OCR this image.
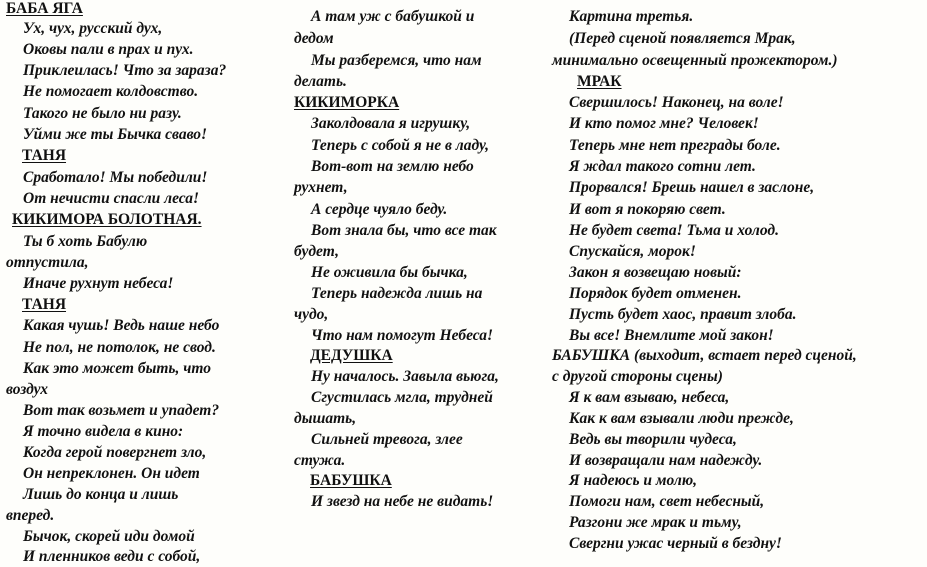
БАБА ЯГА
Ух, чух, русский дух,
Оковы пали в прах и пух.
Приклеилась! Что за зараза?
Не помогает колдовство.
Такого не было ни разу.
Уйми же ты Бычка сваво!
ТАНЯ
Сработало! Мы победили!
От нечисти спасли леса!
КИКИМОРА БОЛОТНАЯ.
Ты б хоть Бабулю
отпустила,
Иначе рухнут небеса!
ТАНЯ
Какая чушь! Ведь наше небо
Не пол, не потолок, не свод.
Как это может быть, что
воздух
Вот так возьмет и упадет?
Я точно видела в кино:
Когда герой повергнет зло,
Он непреклонен. Он идет
Лишь до конца и лишь
вперед.
Бычок, скорей иди домой
И пленников веди с собой,
А там уж с бабушкой и
дедом
Мы разберемся, что нам
делать.
КИКИМОРКА
Заколдовала я игрушку,
Теперь с собой я не в ладу,
Вот-вот на землю небо
рухнет,
А сердце чуяло беду.
Вот знала бы, что все так
будет,
Не оживила бы бычка,
Теперь надежда лишь на
чудо,
Что нам помогут Небеса!
ДЕДУШКА
Ну началось. Завыла вьюга,
Сгустилась мгла, трудней
дышать,
Сильней тревога, злее
стужа.
БАБУШКА
И звезд на небе не видать!
Картина третья.
(Перед сценой появляется Мрак,
минимально освещенный прожектором.)
МРАК
Свершилось! Наконец, на воле!
И кто помог мне? Человек!
Теперь мне нет преграды боле.
Я ждал такого сотни лет.
Прорвался! Брешь нашел в заслоне,
И вот я покоряю свет.
Не будет света! Тьма и холод.
Спускайся, морок!
Закон я возвещаю новый:
Порядок будет отменен.
Пусть будет хаос, правит злоба.
Вы все! Внемлите мой закон!
БАБУШКА (выходит, встает перед сценой,
с другой стороны сцены)
Я к вам взываю, небеса,
Как к вам взывали люди прежде,
Ведь вы творили чудеса,
И возвращали нам надежду.
Я надеюсь и молю,
Помоги нам, свет небесный,
Разгони же мрак и тьму,
Свергни ужас черный в бездну!
